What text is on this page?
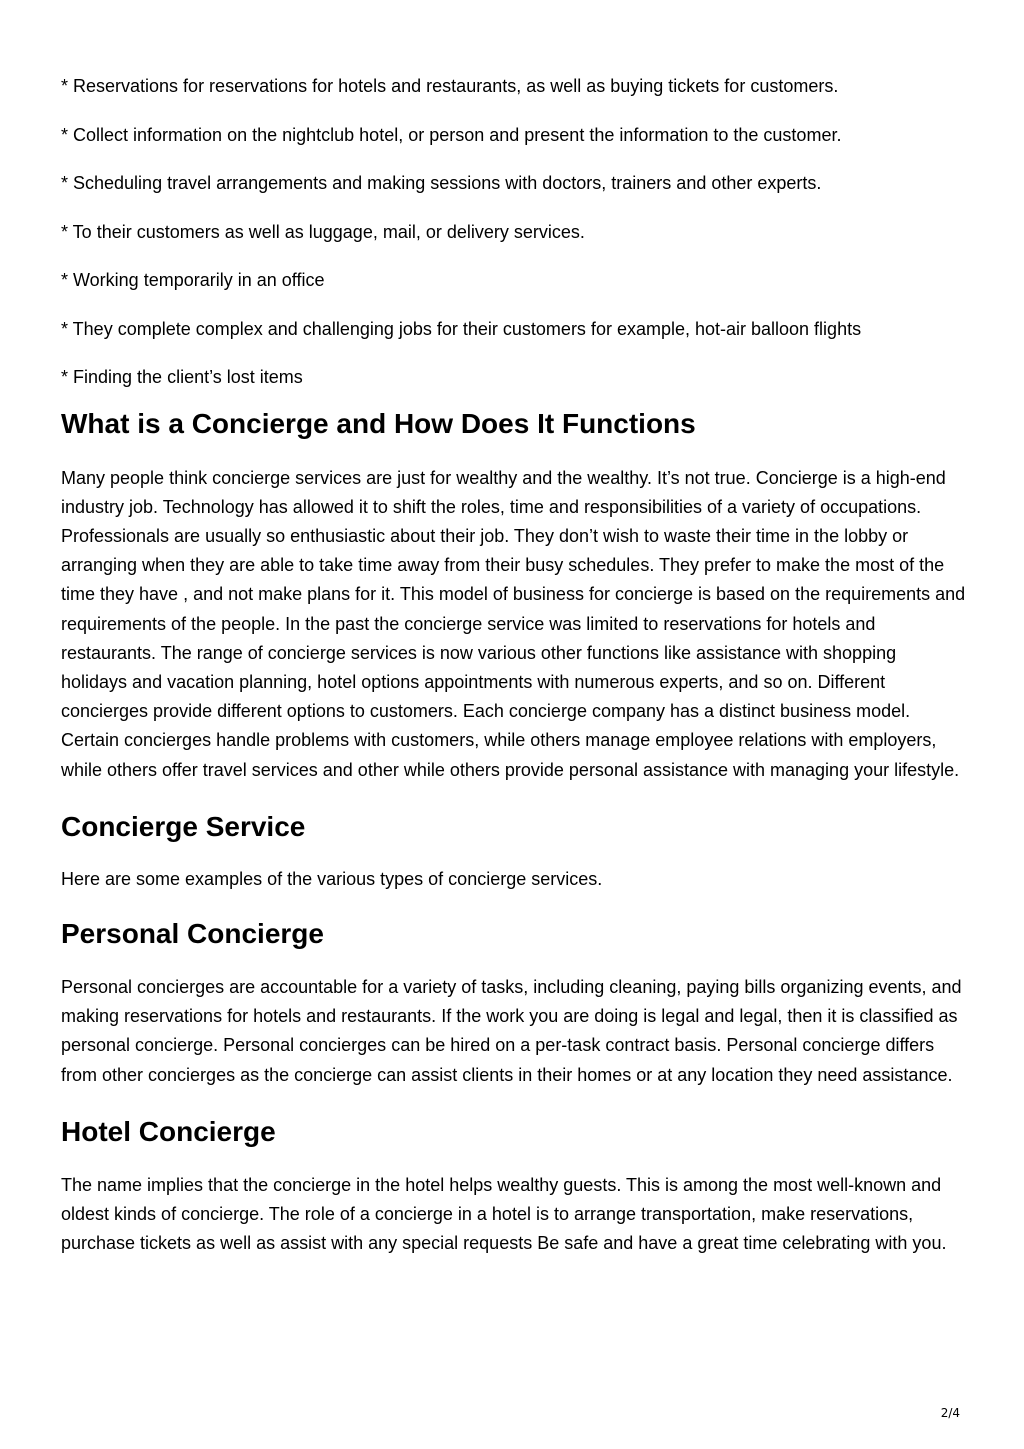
* Reservations for reservations for hotels and restaurants, as well as buying tickets for customers.
* Collect information on the nightclub hotel, or person and present the information to the customer.
* Scheduling travel arrangements and making sessions with doctors, trainers and other experts.
* To their customers as well as luggage, mail, or delivery services.
* Working temporarily in an office
* They complete complex and challenging jobs for their customers for example, hot-air balloon flights
* Finding the client’s lost items
What is a Concierge and How Does It Functions

Many people think concierge services are just for wealthy and the wealthy. It’s not true. Concierge is a high-end industry job. Technology has allowed it to shift the roles, time and responsibilities of a variety of occupations. Professionals are usually so enthusiastic about their job. They don’t wish to waste their time in the lobby or arranging when they are able to take time away from their busy schedules. They prefer to make the most of the time they have , and not make plans for it. This model of business for concierge is based on the requirements and requirements of the people. In the past the concierge service was limited to reservations for hotels and restaurants. The range of concierge services is now various other functions like assistance with shopping holidays and vacation planning, hotel options appointments with numerous experts, and so on. Different concierges provide different options to customers. Each concierge company has a distinct business model. Certain concierges handle problems with customers, while others manage employee relations with employers, while others offer travel services and other while others provide personal assistance with managing your lifestyle.

Concierge Service

Here are some examples of the various types of concierge services.

Personal Concierge

Personal concierges are accountable for a variety of tasks, including cleaning, paying bills organizing events, and making reservations for hotels and restaurants. If the work you are doing is legal and legal, then it is classified as personal concierge. Personal concierges can be hired on a per-task contract basis. Personal concierge differs from other concierges as the concierge can assist clients in their homes or at any location they need assistance.

Hotel Concierge

The name implies that the concierge in the hotel helps wealthy guests. This is among the most well-known and oldest kinds of concierge. The role of a concierge in a hotel is to arrange transportation, make reservations, purchase tickets as well as assist with any special requests Be safe and have a great time celebrating with you.

2/4
